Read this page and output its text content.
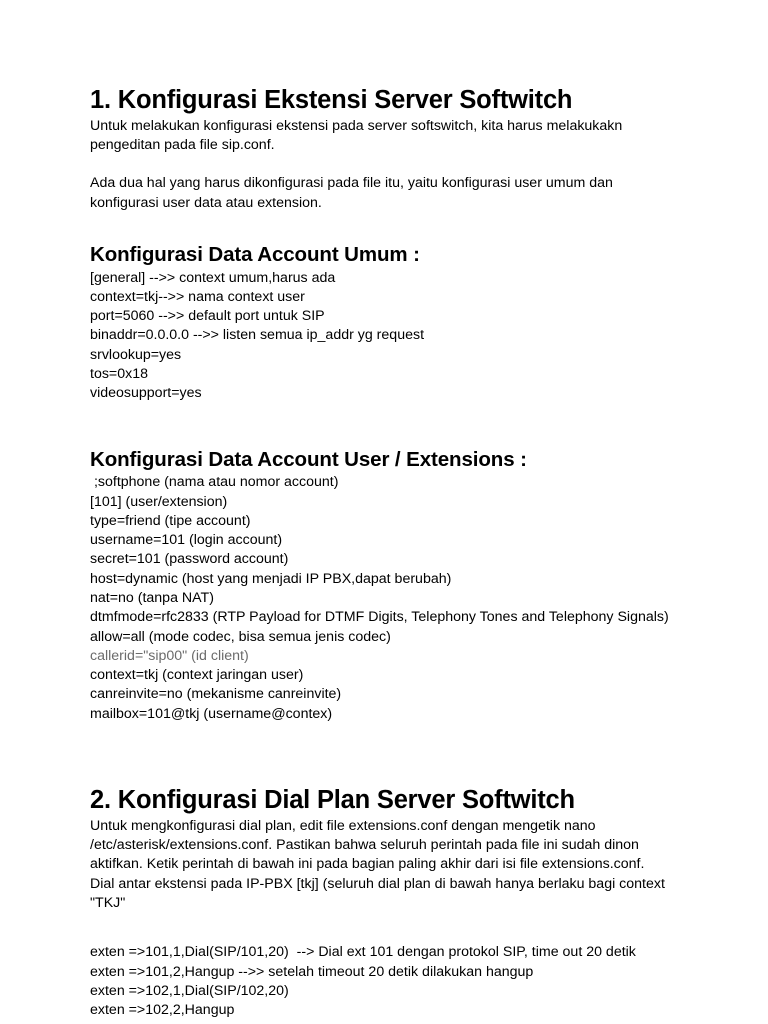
1. Konfigurasi Ekstensi Server Softwitch

Untuk melakukan konfigurasi ekstensi pada server softswitch, kita harus melakukakn pengeditan pada file sip.conf.

Ada dua hal yang harus dikonfigurasi pada file itu, yaitu konfigurasi user umum dan konfigurasi user data atau extension.

Konfigurasi Data Account Umum :
[general] -->> context umum,harus ada
context=tkj-->> nama context user
port=5060 -->> default port untuk SIP
binaddr=0.0.0.0 -->> listen semua ip_addr yg request
srvlookup=yes
tos=0x18
videosupport=yes
Konfigurasi Data Account User / Extensions :
;softphone (nama atau nomor account)
[101] (user/extension)
type=friend (tipe account)
username=101 (login account)
secret=101 (password account)
host=dynamic (host yang menjadi IP PBX,dapat berubah)
nat=no (tanpa NAT)
dtmfmode=rfc2833 (RTP Payload for DTMF Digits, Telephony Tones and Telephony Signals)
allow=all (mode codec, bisa semua jenis codec)
callerid="sip00" (id client)
context=tkj (context jaringan user)
canreinvite=no (mekanisme canreinvite)
mailbox=101@tkj (username@contex)
2. Konfigurasi Dial Plan Server Softwitch

Untuk mengkonfigurasi dial plan, edit file extensions.conf dengan mengetik nano /etc/asterisk/extensions.conf. Pastikan bahwa seluruh perintah pada file ini sudah dinon aktifkan. Ketik perintah di bawah ini pada bagian paling akhir dari isi file extensions.conf. Dial antar ekstensi pada IP-PBX [tkj] (seluruh dial plan di bawah hanya berlaku bagi context "TKJ"

exten =>101,1,Dial(SIP/101,20)  --> Dial ext 101 dengan protokol SIP, time out 20 detik
exten =>101,2,Hangup -->> setelah timeout 20 detik dilakukan hangup
exten =>102,1,Dial(SIP/102,20)
exten =>102,2,Hangup
